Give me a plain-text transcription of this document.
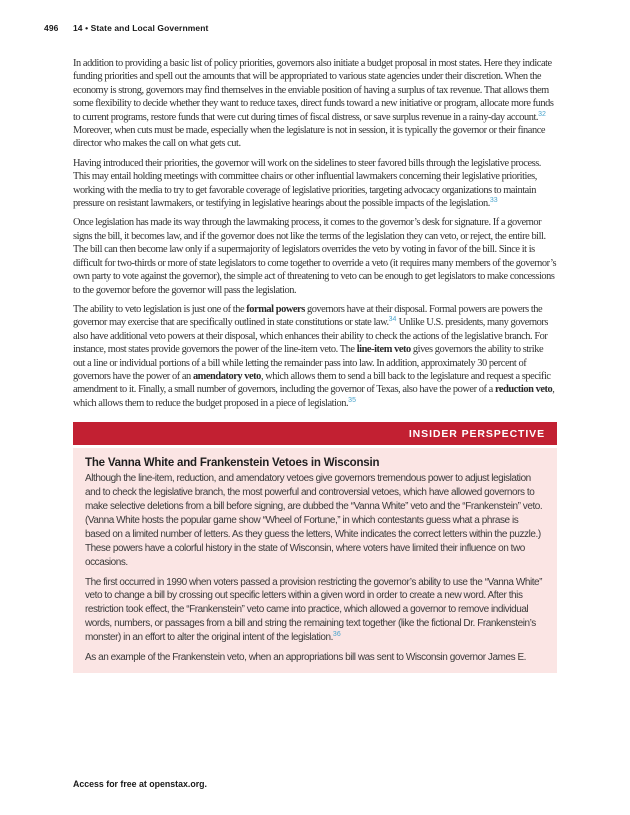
496 14 • State and Local Government

In addition to providing a basic list of policy priorities, governors also initiate a budget proposal in most states. Here they indicate funding priorities and spell out the amounts that will be appropriated to various state agencies under their discretion. When the economy is strong, governors may find themselves in the enviable position of having a surplus of tax revenue. That allows them some flexibility to decide whether they want to reduce taxes, direct funds toward a new initiative or program, allocate more funds to current programs, restore funds that were cut during times of fiscal distress, or save surplus revenue in a rainy-day account.$^{32}$ Moreover, when cuts must be made, especially when the legislature is not in session, it is typically the governor or their finance director who makes the call on what gets cut.

Having introduced their priorities, the governor will work on the sidelines to steer favored bills through the legislative process. This may entail holding meetings with committee chairs or other influential lawmakers concerning their legislative priorities, working with the media to try to get favorable coverage of legislative priorities, targeting advocacy organizations to maintain pressure on resistant lawmakers, or testifying in legislative hearings about the possible impacts of the legislation.$^{33}$

Once legislation has made its way through the lawmaking process, it comes to the governor’s desk for signature. If a governor signs the bill, it becomes law, and if the governor does not like the terms of the legislation they can veto, or reject, the entire bill. The bill can then become law only if a supermajority of legislators overrides the veto by voting in favor of the bill. Since it is difficult for two-thirds or more of state legislators to come together to override a veto (it requires many members of the governor’s own party to vote against the governor), the simple act of threatening to veto can be enough to get legislators to make concessions to the governor before the governor will pass the legislation.

The ability to veto legislation is just one of the formal powers governors have at their disposal. Formal powers are powers the governor may exercise that are specifically outlined in state constitutions or state law.$^{34}$ Unlike U.S. presidents, many governors also have additional veto powers at their disposal, which enhances their ability to check the actions of the legislative branch. For instance, most states provide governors the power of the line-item veto. The line-item veto gives governors the ability to strike out a line or individual portions of a bill while letting the remainder pass into law. In addition, approximately 30 percent of governors have the power of an amendatory veto, which allows them to send a bill back to the legislature and request a specific amendment to it. Finally, a small number of governors, including the governor of Texas, also have the power of a reduction veto, which allows them to reduce the budget proposed in a piece of legislation.$^{35}$

INSIDER PERSPECTIVE
The Vanna White and Frankenstein Vetoes in Wisconsin

Although the line-item, reduction, and amendatory vetoes give governors tremendous power to adjust legislation and to check the legislative branch, the most powerful and controversial vetoes, which have allowed governors to make selective deletions from a bill before signing, are dubbed the “Vanna White” veto and the “Frankenstein” veto. (Vanna White hosts the popular game show “Wheel of Fortune,” in which contestants guess what a phrase is based on a limited number of letters. As they guess the letters, White indicates the correct letters within the puzzle.) These powers have a colorful history in the state of Wisconsin, where voters have limited their influence on two occasions.

The first occurred in 1990 when voters passed a provision restricting the governor’s ability to use the “Vanna White” veto to change a bill by crossing out specific letters within a given word in order to create a new word. After this restriction took effect, the “Frankenstein” veto came into practice, which allowed a governor to remove individual words, numbers, or passages from a bill and string the remaining text together (like the fictional Dr. Frankenstein’s monster) in an effort to alter the original intent of the legislation.$^{36}$

As an example of the Frankenstein veto, when an appropriations bill was sent to Wisconsin governor James E.

Access for free at openstax.org.
